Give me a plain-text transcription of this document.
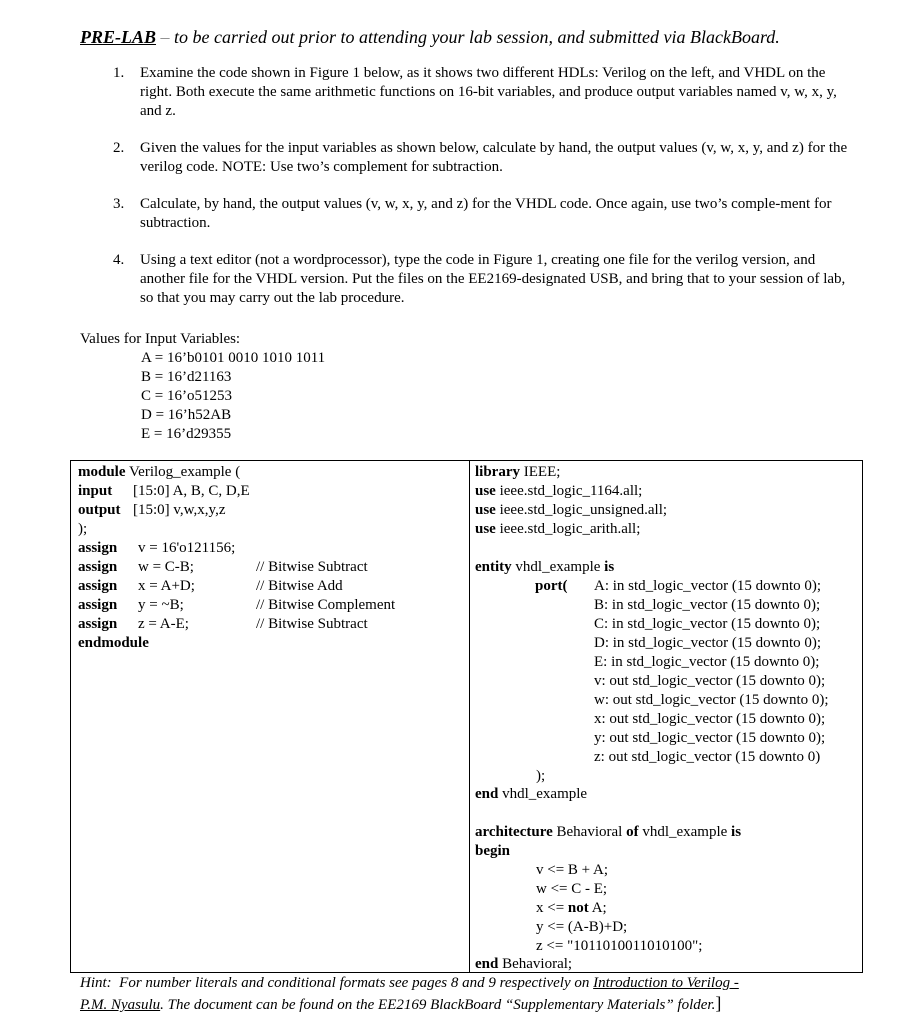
PRE-LAB – to be carried out prior to attending your lab session, and submitted via BlackBoard.
1. Examine the code shown in Figure 1 below, as it shows two different HDLs: Verilog on the left, and VHDL on the right. Both execute the same arithmetic functions on 16-bit variables, and produce output variables named v, w, x, y, and z.
2. Given the values for the input variables as shown below, calculate by hand, the output values (v, w, x, y, and z) for the verilog code. NOTE: Use two’s complement for subtraction.
3. Calculate, by hand, the output values (v, w, x, y, and z) for the VHDL code. Once again, use two’s comple-ment for subtraction.
4. Using a text editor (not a wordprocessor), type the code in Figure 1, creating one file for the verilog version, and another file for the VHDL version. Put the files on the EE2169-designated USB, and bring that to your session of lab, so that you may carry out the lab procedure.
Values for Input Variables:
A = 16’b0101 0010 1010 1011
B = 16’d21163
C = 16’o51253
D = 16’h52AB
E = 16’d29355
module Verilog_example (
input [15:0] A, B, C, D,E
output [15:0] v,w,x,y,z
);
assign v = 16'o121156;
assign w = C-B;	// Bitwise Subtract
assign x = A+D;	// Bitwise Add
assign y = ~B;	// Bitwise Complement
assign z = A-E;	// Bitwise Subtract
endmodule
library IEEE;
use ieee.std_logic_1164.all;
use ieee.std_logic_unsigned.all;
use ieee.std_logic_arith.all;
entity vhdl_example is
port( A: in std_logic_vector (15 downto 0);
B: in std_logic_vector (15 downto 0);
C: in std_logic_vector (15 downto 0);
D: in std_logic_vector (15 downto 0);
E: in std_logic_vector (15 downto 0);
v: out std_logic_vector (15 downto 0);
w: out std_logic_vector (15 downto 0);
x: out std_logic_vector (15 downto 0);
y: out std_logic_vector (15 downto 0);
z: out std_logic_vector (15 downto 0)
);
end vhdl_example
architecture Behavioral of vhdl_example is
begin
v <= B + A;
w <= C - E;
x <= not A;
y <= (A-B)+D;
z <= "1011010011010100";
end Behavioral;
Hint: For number literals and conditional formats see pages 8 and 9 respectively on Introduction to Verilog -
P.M. Nyasulu. The document can be found on the EE2169 BlackBoard “Supplementary Materials” folder.]
